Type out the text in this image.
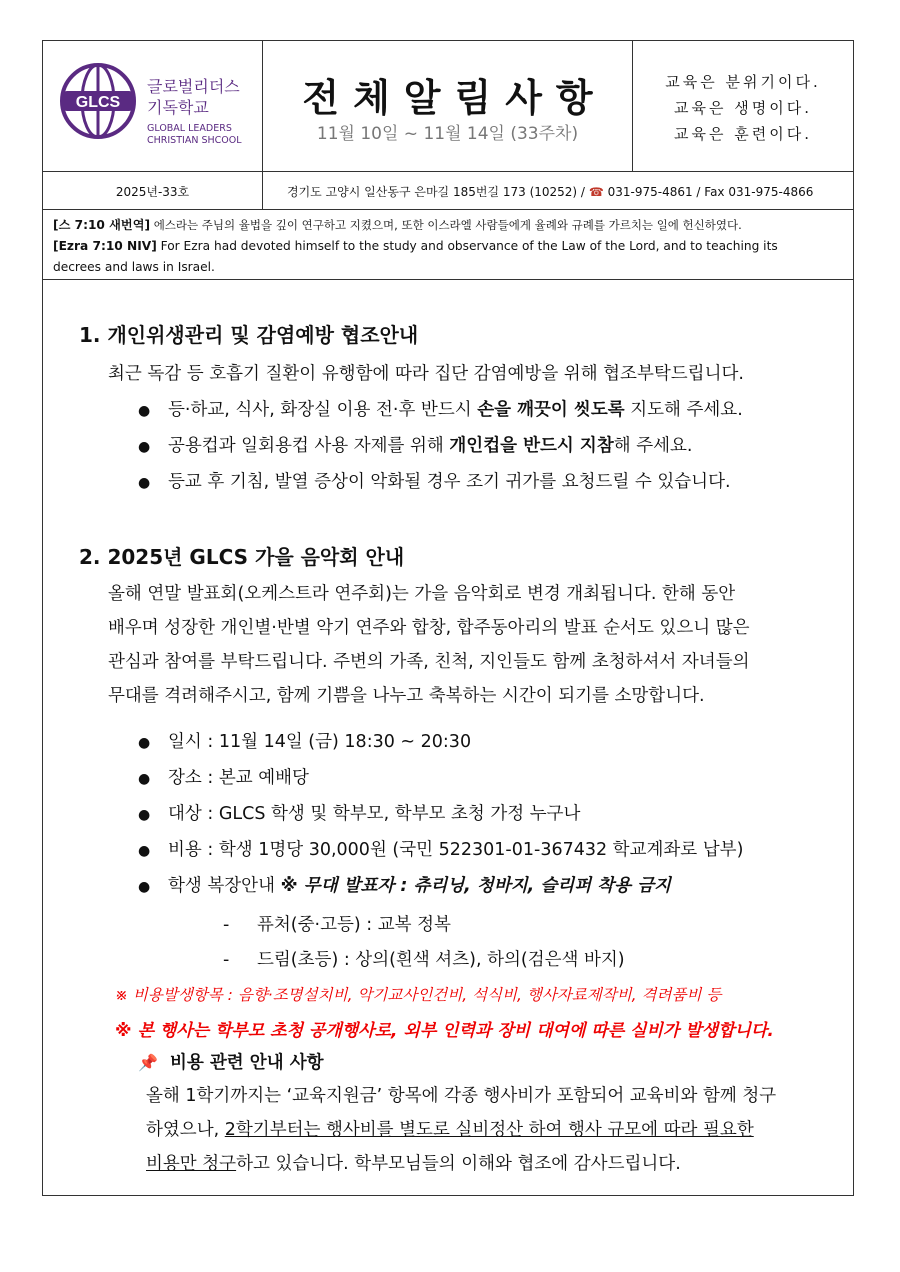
GLCS
글로벌리더스
기독학교
GLOBAL LEADERS
CHRISTIAN SHCOOL
전체알림사항
11월 10일 ~ 11월 14일 (33주차)
교육은 분위기이다.
교육은 생명이다.
교육은 훈련이다.
2025년-33호	경기도 고양시 일산동구 은마길 185번길 173 (10252) / ☎ 031-975-4861 / Fax 031-975-4866
[스 7:10 새번역] 에스라는 주님의 율법을 깊이 연구하고 지켰으며, 또한 이스라엘 사람들에게 율례와 규례를 가르치는 일에 헌신하였다.
[Ezra 7:10 NIV] For Ezra had devoted himself to the study and observance of the Law of the Lord, and to teaching its
decrees and laws in Israel.
1. 개인위생관리 및 감염예방 협조안내
최근 독감 등 호흡기 질환이 유행함에 따라 집단 감염예방을 위해 협조부탁드립니다.
● 등·하교, 식사, 화장실 이용 전·후 반드시 손을 깨끗이 씻도록 지도해 주세요.
● 공용컵과 일회용컵 사용 자제를 위해 개인컵을 반드시 지참해 주세요.
● 등교 후 기침, 발열 증상이 악화될 경우 조기 귀가를 요청드릴 수 있습니다.
2. 2025년 GLCS 가을 음악회 안내
올해 연말 발표회(오케스트라 연주회)는 가을 음악회로 변경 개최됩니다. 한해 동안
배우며 성장한 개인별·반별 악기 연주와 합창, 합주동아리의 발표 순서도 있으니 많은
관심과 참여를 부탁드립니다. 주변의 가족, 친척, 지인들도 함께 초청하셔서 자녀들의
무대를 격려해주시고, 함께 기쁨을 나누고 축복하는 시간이 되기를 소망합니다.
● 일시 : 11월 14일 (금) 18:30 ~ 20:30
● 장소 : 본교 예배당
● 대상 : GLCS 학생 및 학부모, 학부모 초청 가정 누구나
● 비용 : 학생 1명당 30,000원 (국민 522301-01-367432 학교계좌로 납부)
● 학생 복장안내 ※ 무대 발표자 : 츄리닝, 청바지, 슬리퍼 착용 금지
- 퓨처(중·고등) : 교복 정복
- 드림(초등) : 상의(흰색 셔츠), 하의(검은색 바지)
※ 비용발생항목 : 음향·조명설치비, 악기교사인건비, 석식비, 행사자료제작비, 격려품비 등
※ 본 행사는 학부모 초청 공개행사로, 외부 인력과 장비 대여에 따른 실비가 발생합니다.
📌 비용 관련 안내 사항
올해 1학기까지는 ‘교육지원금’ 항목에 각종 행사비가 포함되어 교육비와 함께 청구
하였으나, 2학기부터는 행사비를 별도로 실비정산 하여 행사 규모에 따라 필요한
비용만 청구하고 있습니다. 학부모님들의 이해와 협조에 감사드립니다.
